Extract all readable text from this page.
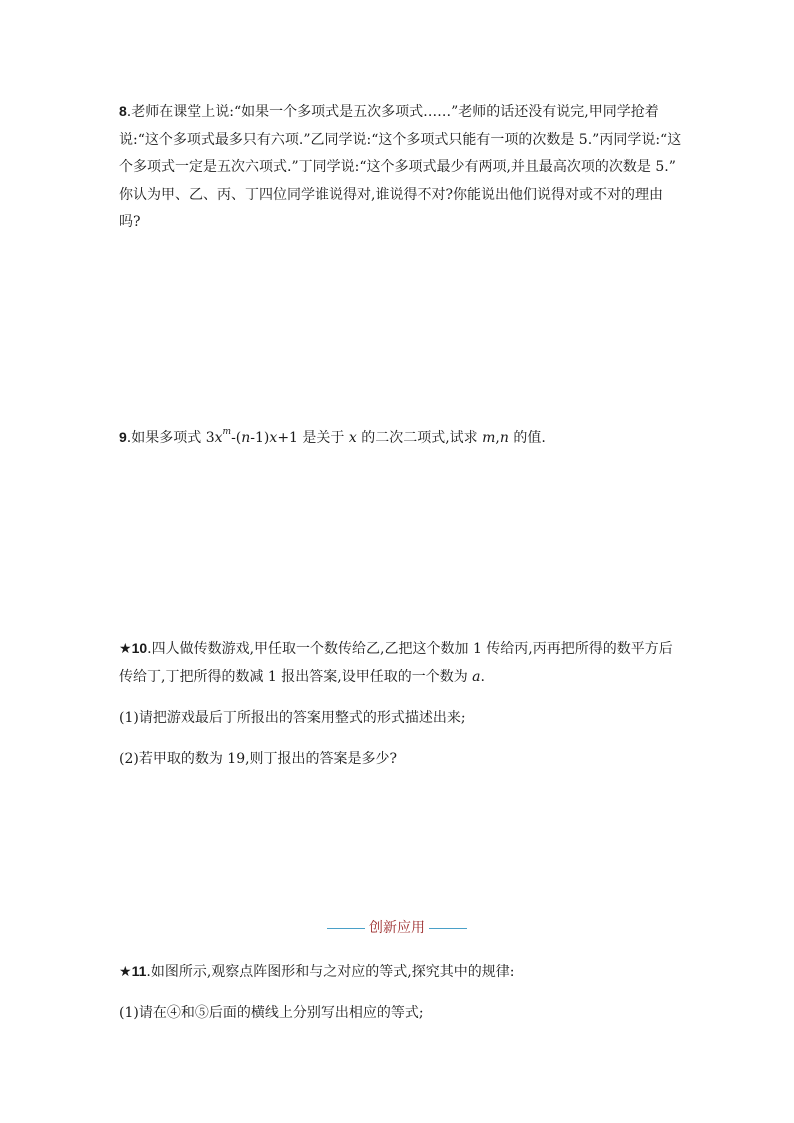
8.老师在课堂上说:“如果一个多项式是五次多项式……”老师的话还没有说完,甲同学抢着
说:“这个多项式最多只有六项.”乙同学说:“这个多项式只能有一项的次数是 5.”丙同学说:“这
个多项式一定是五次六项式.”丁同学说:“这个多项式最少有两项,并且最高次项的次数是 5.”
你认为甲、乙、丙、丁四位同学谁说得对,谁说得不对?你能说出他们说得对或不对的理由
吗?
9.如果多项式 $3x^m-(n-1)x+1$ 是关于 x 的二次二项式,试求 m,n 的值.
★10.四人做传数游戏,甲任取一个数传给乙,乙把这个数加 1 传给丙,丙再把所得的数平方后
传给丁,丁把所得的数减 1 报出答案,设甲任取的一个数为 a.
(1)请把游戏最后丁所报出的答案用整式的形式描述出来;
(2)若甲取的数为 19,则丁报出的答案是多少?
创新应用
★11.如图所示,观察点阵图形和与之对应的等式,探究其中的规律:
(1)请在④和⑤后面的横线上分别写出相应的等式;
